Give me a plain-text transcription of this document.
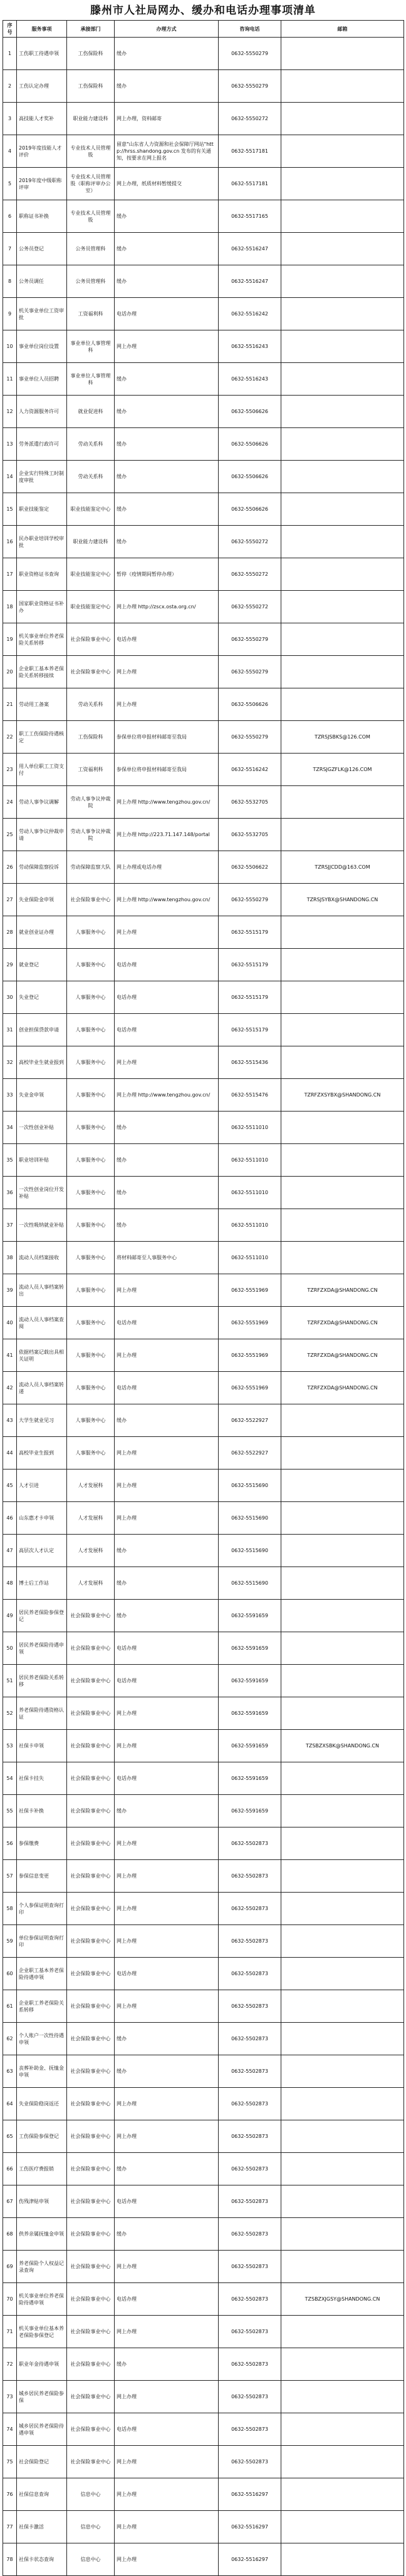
滕州市人社局网办、缓办和电话办理事项清单
序号	服务事项	承接部门	办理方式	咨询电话	邮箱
1	工伤职工待遇申领	工伤保险科	缓办	0632-5550279	
2	工伤认定办理	工伤保险科	缓办	0632-5550279	
3	高技能人才奖补	职业能力建设科	网上办理，资料邮寄	0632-5550272	
4	2019年度技能人才评价	专业技术人员管理股	留意"山东省人力资源和社会保障厅网站"http://hrss.shandong.gov.cn 发布的有关通知，按要求在网上报名	0632-5517181	
5	2019年度中级职称评审	专业技术人员管理股（职称评审办公室）	网上办理，纸质材料暂缓提交	0632-5517181	
6	职称证书补换	专业技术人员管理股	缓办	0632-5517165	
7	公务员登记	公务员管理科	缓办	0632-5516247	
8	公务员调任	公务员管理科	缓办	0632-5516247	
9	机关事业单位工资审批	工资福利科	电话办理	0632-5516242	
10	事业单位岗位设置	事业单位人事管理科	网上办理	0632-5516243	
11	事业单位人员招聘	事业单位人事管理科	缓办	0632-5516243	
12	人力资源服务许可	就业促进科	缓办	0632-5506626	
13	劳务派遣行政许可	劳动关系科	缓办	0632-5506626	
14	企业实行特殊工时制度审批	劳动关系科	缓办	0632-5506626	
15	职业技能鉴定	职业技能鉴定中心	缓办	0632-5506626	
16	民办职业培训学校审批	职业能力建设科	缓办	0632-5550272	
17	职业资格证书查询	职业技能鉴定中心	暂停（疫情期间暂停办理）	0632-5550272	
18	国家职业资格证书补办	职业技能鉴定中心	网上办理 http://zscx.osta.org.cn/	0632-5550272	
19	机关事业单位养老保险关系转移	社会保险事业中心	电话办理	0632-5550279	
20	企业职工基本养老保险关系转移接续	社会保险事业中心	网上办理	0632-5550279	
21	劳动用工备案	劳动关系科	网上办理	0632-5506626	
22	职工工伤保险待遇核定	工伤保险科	参保单位将申报材料邮寄至我局	0632-5550279	TZRSJSBKS@126.COM
23	用人单位职工工资支付	工资福利科	参保单位将申报材料邮寄至我局	0632-5516242	TZRSJGZFLK@126.COM
24	劳动人事争议调解	劳动人事争议仲裁院	网上办理 http://www.tengzhou.gov.cn/	0632-5532705	
25	劳动人事争议仲裁申请	劳动人事争议仲裁院	网上办理 http://223.71.147.148/portal	0632-5532705	
26	劳动保障监察投诉	劳动保障监察大队	网上办理或电话办理	0632-5506622	TZRSJJCDD@163.COM
27	失业保险金申领	社会保险事业中心	网上办理 http://www.tengzhou.gov.cn/	0632-5550279	TZRSJSYBX@SHANDONG.CN
28	就业创业证办理	人事服务中心	网上办理	0632-5515179	
29	就业登记	人事服务中心	电话办理	0632-5515179	
30	失业登记	人事服务中心	电话办理	0632-5515179	
31	创业担保贷款申请	人事服务中心	电话办理	0632-5515179	
32	高校毕业生就业报到	人事服务中心	网上办理	0632-5515436	
33	失业金申领	人事服务中心	网上办理 http://www.tengzhou.gov.cn/	0632-5515476	TZRFZXSYBX@SHANDONG.CN
34	一次性创业补贴	人事服务中心	缓办	0632-5511010	
35	职业培训补贴	人事服务中心	缓办	0632-5511010	
36	一次性创业岗位开发补贴	人事服务中心	缓办	0632-5511010	
37	一次性吸纳就业补贴	人事服务中心	缓办	0632-5511010	
38	流动人员档案接收	人事服务中心	将材料邮寄至人事服务中心	0632-5511010	
39	流动人员人事档案转出	人事服务中心	网上办理	0632-5551969	TZRFZXDA@SHANDONG.CN
40	流动人员人事档案查阅	人事服务中心	电话办理	0632-5551969	TZRFZXDA@SHANDONG.CN
41	依据档案记载出具相关证明	人事服务中心	网上办理	0632-5551969	TZRFZXDA@SHANDONG.CN
42	流动人员人事档案转递	人事服务中心	电话办理	0632-5551969	TZRFZXDA@SHANDONG.CN
43	大学生就业见习	人事服务中心	缓办	0632-5522927	
44	高校毕业生报到	人事服务中心	网上办理	0632-5522927	
45	人才引进	人才发展科	网上办理	0632-5515690	
46	山东惠才卡申领	人才发展科	网上办理	0632-5515690	
47	高层次人才认定	人才发展科	缓办	0632-5515690	
48	博士后工作站	人才发展科	缓办	0632-5515690	
49	居民养老保险参保登记	社会保险事业中心	缓办	0632-5591659	
50	居民养老保险待遇申领	社会保险事业中心	电话办理	0632-5591659	
51	居民养老保险关系转移	社会保险事业中心	电话办理	0632-5591659	
52	养老保险待遇资格认证	社会保险事业中心	网上办理	0632-5591659	
53	社保卡申领	社会保险事业中心	网上办理	0632-5591659	TZSBZXSBK@SHANDONG.CN
54	社保卡挂失	社会保险事业中心	电话办理	0632-5591659	
55	社保卡补换	社会保险事业中心	缓办	0632-5591659	
56	参保缴费	社会保险事业中心	网上办理	0632-5502873	
57	参保信息变更	社会保险事业中心	网上办理	0632-5502873	
58	个人参保证明查询打印	社会保险事业中心	网上办理	0632-5502873	
59	单位参保证明查询打印	社会保险事业中心	网上办理	0632-5502873	
60	企业职工基本养老保险待遇申领	社会保险事业中心	电话办理	0632-5502873	
61	企业职工养老保险关系转移	社会保险事业中心	网上办理	0632-5502873	
62	个人账户一次性待遇申领	社会保险事业中心	缓办	0632-5502873	
63	丧葬补助金、抚恤金申领	社会保险事业中心	缓办	0632-5502873	
64	失业保险稳岗返还	社会保险事业中心	网上办理	0632-5502873	
65	工伤保险参保登记	社会保险事业中心	网上办理	0632-5502873	
66	工伤医疗费报销	社会保险事业中心	缓办	0632-5502873	
67	伤残津贴申领	社会保险事业中心	电话办理	0632-5502873	
68	供养亲属抚恤金申领	社会保险事业中心	缓办	0632-5502873	
69	养老保险个人权益记录查询	社会保险事业中心	网上办理	0632-5502873	
70	机关事业单位养老保险待遇申领	社会保险事业中心	电话办理	0632-5502873	TZSBZXJGSY@SHANDONG.CN
71	机关事业单位基本养老保险参保登记	社会保险事业中心	网上办理	0632-5502873	
72	职业年金待遇申领	社会保险事业中心	缓办	0632-5502873	
73	城乡居民养老保险参保	社会保险事业中心	网上办理	0632-5502873	
74	城乡居民养老保险待遇申领	社会保险事业中心	电话办理	0632-5502873	
75	社会保险登记	社会保险事业中心	网上办理	0632-5502873	
76	社保信息查询	信息中心	网上办理	0632-5516297	
77	社保卡激活	信息中心	网上办理	0632-5516297	
78	社保卡状态查询	信息中心	网上办理	0632-5516297	
